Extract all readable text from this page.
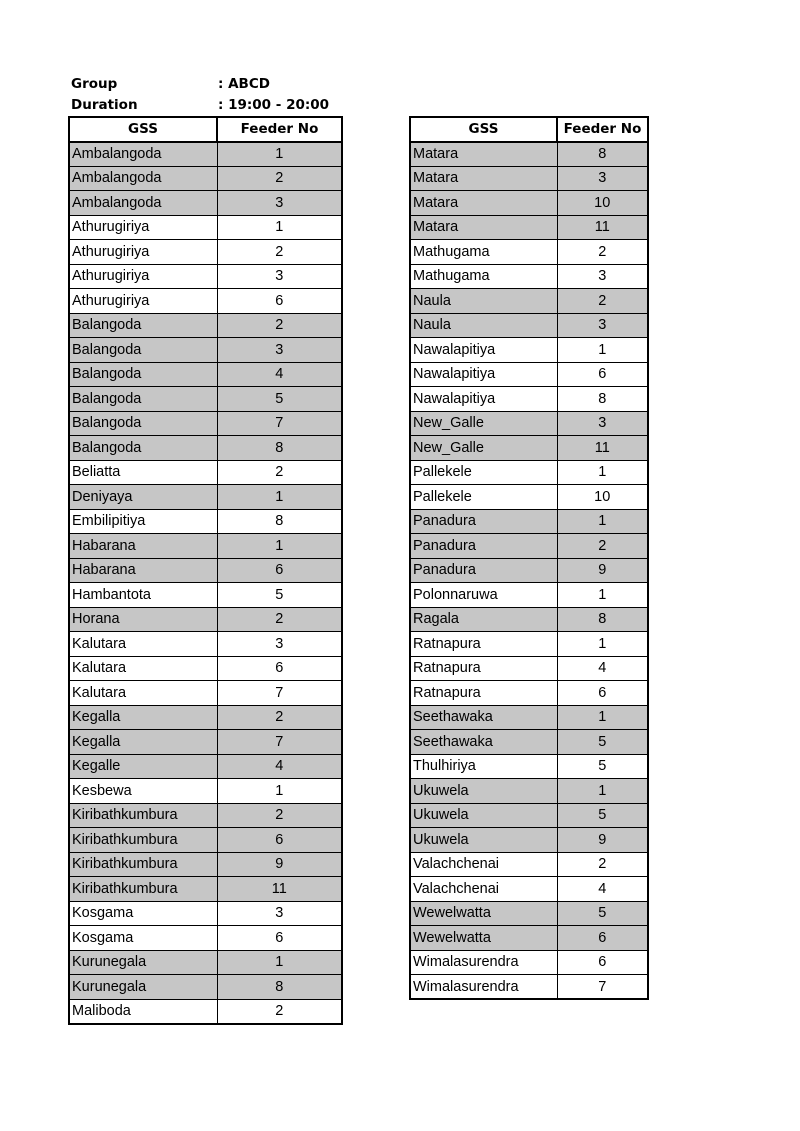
Group	: ABCD
Duration	: 19:00 - 20:00
GSS	Feeder No
Ambalangoda	1
Ambalangoda	2
Ambalangoda	3
Athurugiriya	1
Athurugiriya	2
Athurugiriya	3
Athurugiriya	6
Balangoda	2
Balangoda	3
Balangoda	4
Balangoda	5
Balangoda	7
Balangoda	8
Beliatta	2
Deniyaya	1
Embilipitiya	8
Habarana	1
Habarana	6
Hambantota	5
Horana	2
Kalutara	3
Kalutara	6
Kalutara	7
Kegalla	2
Kegalla	7
Kegalle	4
Kesbewa	1
Kiribathkumbura	2
Kiribathkumbura	6
Kiribathkumbura	9
Kiribathkumbura	11
Kosgama	3
Kosgama	6
Kurunegala	1
Kurunegala	8
Maliboda	2
GSS	Feeder No
Matara	8
Matara	3
Matara	10
Matara	11
Mathugama	2
Mathugama	3
Naula	2
Naula	3
Nawalapitiya	1
Nawalapitiya	6
Nawalapitiya	8
New_Galle	3
New_Galle	11
Pallekele	1
Pallekele	10
Panadura	1
Panadura	2
Panadura	9
Polonnaruwa	1
Ragala	8
Ratnapura	1
Ratnapura	4
Ratnapura	6
Seethawaka	1
Seethawaka	5
Thulhiriya	5
Ukuwela	1
Ukuwela	5
Ukuwela	9
Valachchenai	2
Valachchenai	4
Wewelwatta	5
Wewelwatta	6
Wimalasurendra	6
Wimalasurendra	7
